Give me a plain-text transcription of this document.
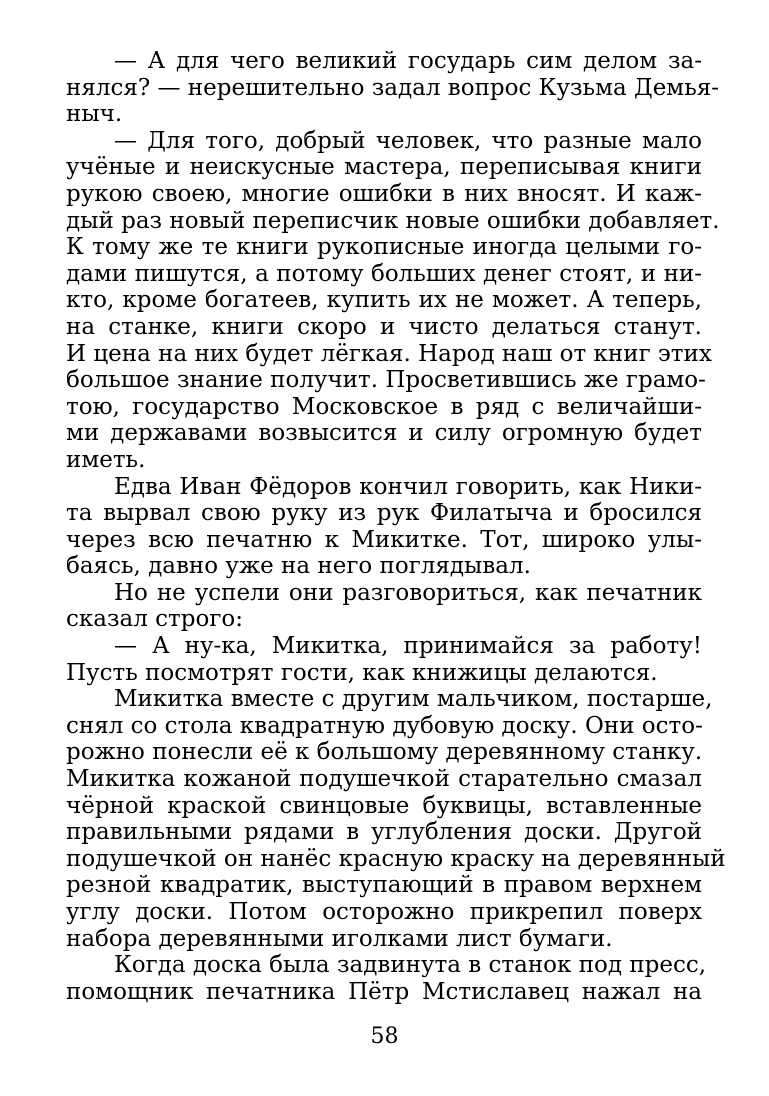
— А для чего великий государь сим делом за-
нялся? — нерешительно задал вопрос Кузьма Демья-
ныч.
— Для того, добрый человек, что разные мало
учёные и неискусные мастера, переписывая книги
рукою своею, многие ошибки в них вносят. И каж-
дый раз новый переписчик новые ошибки добавляет.
К тому же те книги рукописные иногда целыми го-
дами пишутся, а потому больших денег стоят, и ни-
кто, кроме богатеев, купить их не может. А теперь,
на станке, книги скоро и чисто делаться станут.
И цена на них будет лёгкая. Народ наш от книг этих
большое знание получит. Просветившись же грамо-
тою, государство Московское в ряд с величайши-
ми державами возвысится и силу огромную будет
иметь.
Едва Иван Фёдоров кончил говорить, как Ники-
та вырвал свою руку из рук Филатыча и бросился
через всю печатню к Микитке. Тот, широко улы-
баясь, давно уже на него поглядывал.
Но не успели они разговориться, как печатник
сказал строго:
— А ну-ка, Микитка, принимайся за работу!
Пусть посмотрят гости, как книжицы делаются.
Микитка вместе с другим мальчиком, постарше,
снял со стола квадратную дубовую доску. Они осто-
рожно понесли её к большому деревянному станку.
Микитка кожаной подушечкой старательно смазал
чёрной краской свинцовые буквицы, вставленные
правильными рядами в углубления доски. Другой
подушечкой он нанёс красную краску на деревянный
резной квадратик, выступающий в правом верхнем
углу доски. Потом осторожно прикрепил поверх
набора деревянными иголками лист бумаги.
Когда доска была задвинута в станок под пресс,
помощник печатника Пётр Мстиславец нажал на
58
